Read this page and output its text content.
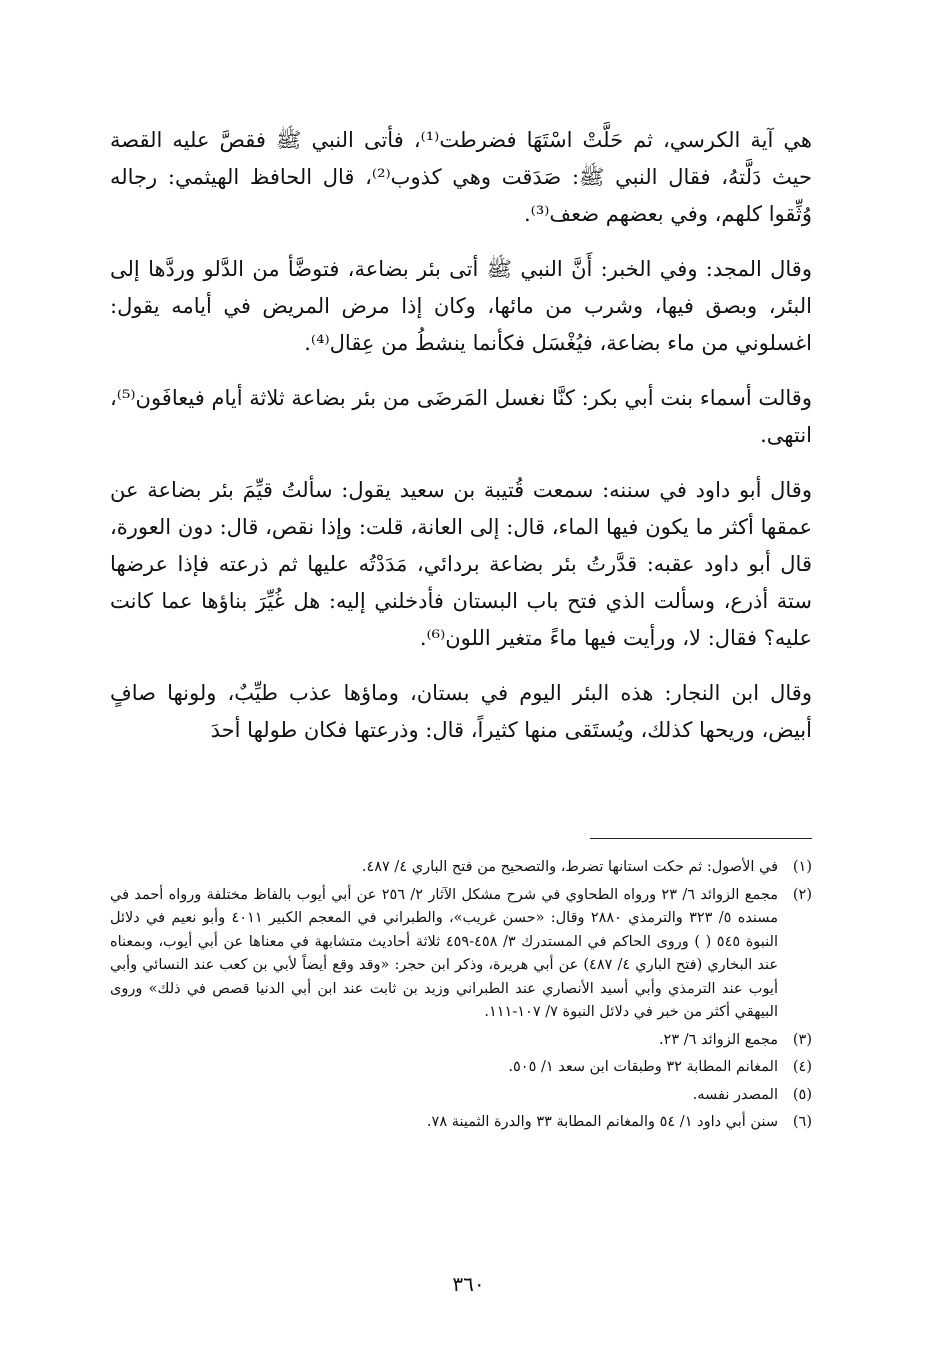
هي آية الكرسي، ثم حَلَّتْ اسْتَهَا فضرطت⁽¹⁾، فأتى النبي ﷺ فقصَّ عليه القصة حيث دَلَّتهُ، فقال النبي ﷺ: صَدَقت وهي كذوب⁽²⁾، قال الحافظ الهيثمي: رجاله وُثِّقوا كلهم، وفي بعضهم ضعف⁽³⁾.

وقال المجد: وفي الخبر: أَنَّ النبي ﷺ أتى بئر بضاعة، فتوضَّأ من الدَّلو وردَّها إلى البئر، وبصق فيها، وشرب من مائها، وكان إذا مرض المريض في أيامه يقول: اغسلوني من ماء بضاعة، فيُغْسَل فكأنما ينشطُ من عِقال⁽⁴⁾.

وقالت أسماء بنت أبي بكر: كنَّا نغسل المَرضَى من بئر بضاعة ثلاثة أيام فيعافَون⁽⁵⁾، انتهى.

وقال أبو داود في سننه: سمعت قُتيبة بن سعيد يقول: سألتُ قيِّمَ بئر بضاعة عن عمقها أكثر ما يكون فيها الماء، قال: إلى العانة، قلت: وإذا نقص، قال: دون العورة، قال أبو داود عقبه: قدَّرتُ بئر بضاعة بردائي، مَدَدْتُه عليها ثم ذرعته فإذا عرضها ستة أذرع، وسألت الذي فتح باب البستان فأدخلني إليه: هل غُيِّرَ بناؤها عما كانت عليه؟ فقال: لا، ورأيت فيها ماءً متغير اللون⁽⁶⁾.

وقال ابن النجار: هذه البئر اليوم في بستان، وماؤها عذب طيِّبٌ، ولونها صافٍ أبيض، وريحها كذلك، ويُستَقى منها كثيراً، قال: وذرعتها فكان طولها أحدَ

(١)
في الأصول: ثم حكت استانها تضرط، والتصحيح من فتح الباري ٤/ ٤٨٧.
(٢)
مجمع الزوائد ٦/ ٢٣ ورواه الطحاوي في شرح مشكل الآثار ٢/ ٢٥٦ عن أبي أيوب بالفاظ مختلفة ورواه أحمد في مسنده ٥/ ٣٢٣ والترمذي ٢٨٨٠ وقال: «حسن غريب»، والطبراني في المعجم الكبير ٤٠١١ وأبو نعيم في دلائل النبوة ٥٤٥ ( ) وروى الحاكم في المستدرك ٣/ ٤٥٨-٤٥٩ ثلاثة أحاديث متشابهة في معناها عن أبي أيوب، وبمعناه عند البخاري (فتح الباري ٤/ ٤٨٧) عن أبي هريرة، وذكر ابن حجر: «وقد وقع أيضاً لأبي بن كعب عند النسائي وأبي أيوب عند الترمذي وأبي أسيد الأنصاري عند الطبراني وزيد بن ثابت عند ابن أبي الدنيا قصص في ذلك» وروى البيهقي أكثر من خبر في دلائل النبوة ٧/ ١٠٧-١١١.
(٣)
مجمع الزوائد ٦/ ٢٣.
(٤)
المغانم المطابة ٣٢ وطبقات ابن سعد ١/ ٥٠٥.
(٥)
المصدر نفسه.
(٦)
سنن أبي داود ١/ ٥٤ والمغانم المطابة ٣٣ والدرة الثمينة ٧٨.
٣٦٠
